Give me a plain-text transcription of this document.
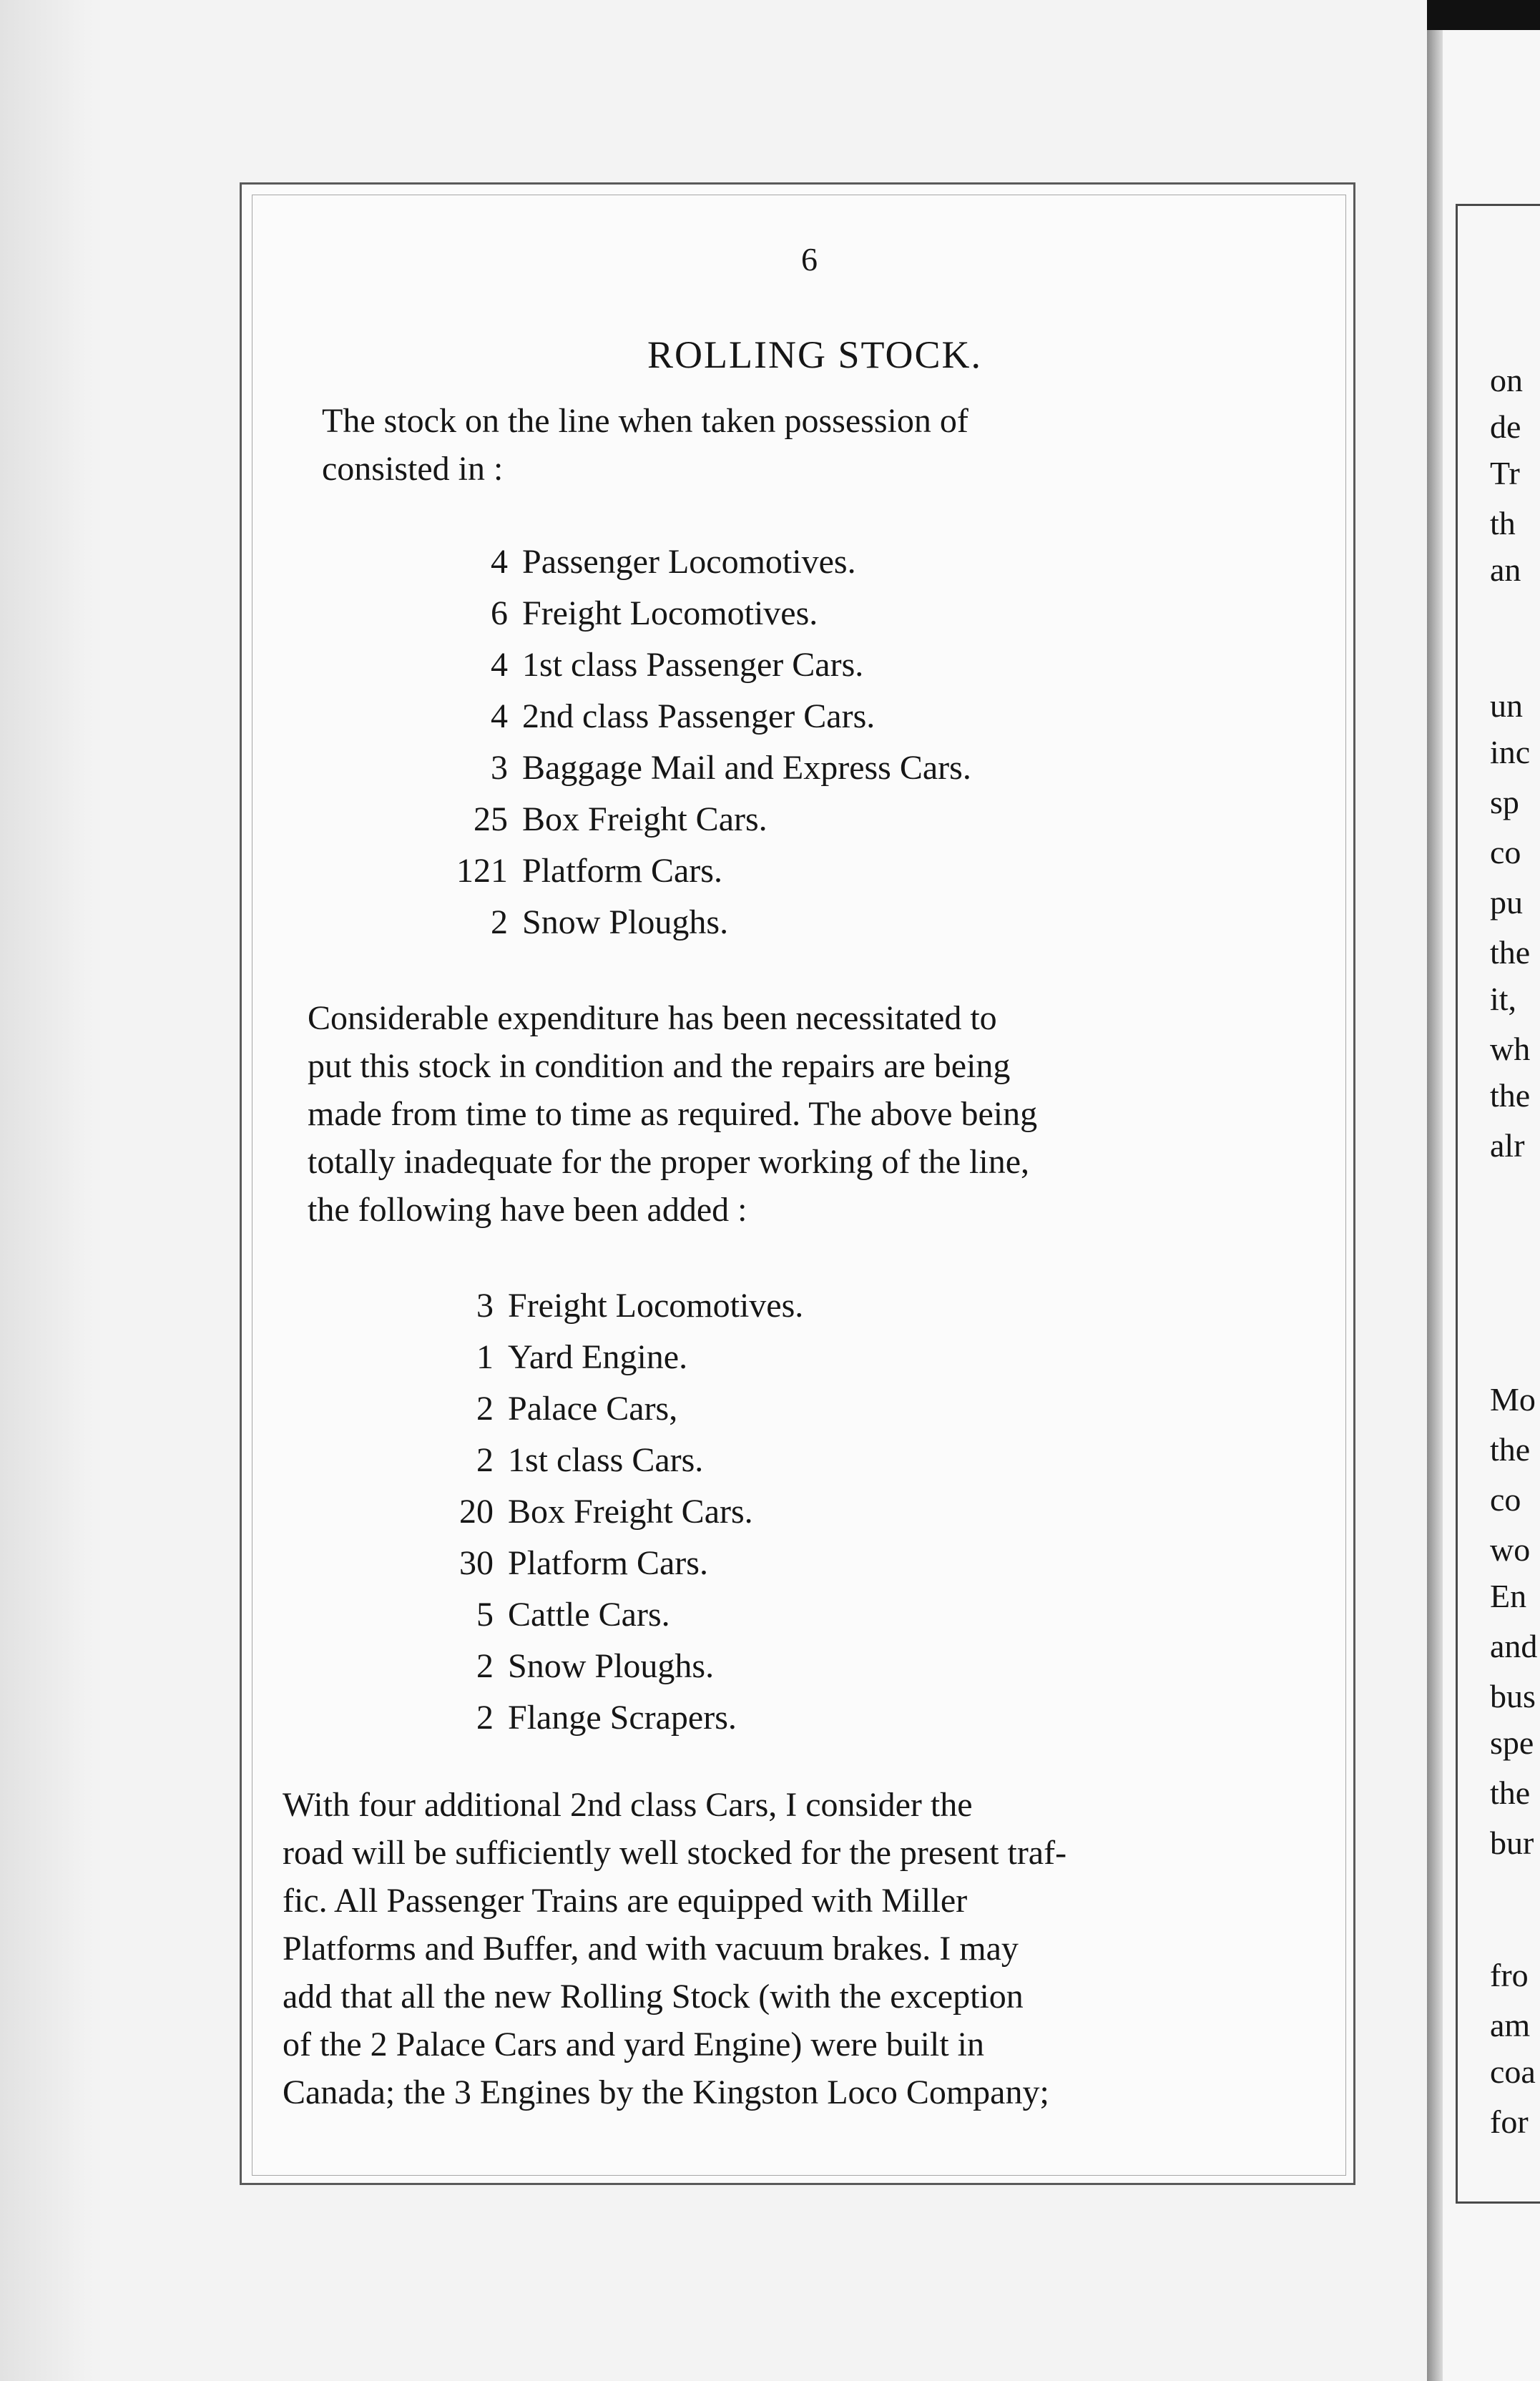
6
ROLLING STOCK.
The stock on the line when taken possession of
consisted in :
4 Passenger Locomotives.
6 Freight Locomotives.
4 1st class Passenger Cars.
4 2nd class Passenger Cars.
3 Baggage Mail and Express Cars.
25 Box Freight Cars.
121 Platform Cars.
2 Snow Ploughs.
Considerable expenditure has been necessitated to
put this stock in condition and the repairs are being
made from time to time as required. The above being
totally inadequate for the proper working of the line,
the following have been added :
3 Freight Locomotives.
1 Yard Engine.
2 Palace Cars,
2 1st class Cars.
20 Box Freight Cars.
30 Platform Cars.
5 Cattle Cars.
2 Snow Ploughs.
2 Flange Scrapers.
With four additional 2nd class Cars, I consider the
road will be sufficiently well stocked for the present traf-
fic. All Passenger Trains are equipped with Miller
Platforms and Buffer, and with vacuum brakes. I may
add that all the new Rolling Stock (with the exception
of the 2 Palace Cars and yard Engine) were built in
Canada; the 3 Engines by the Kingston Loco Company;
on
de
Tr
th
an
un
inc
sp
co
pu
the
it,
wh
the
alr
Mo
the
co
wo
En
and
bus
spe
the
bur
fro
am
coa
for
